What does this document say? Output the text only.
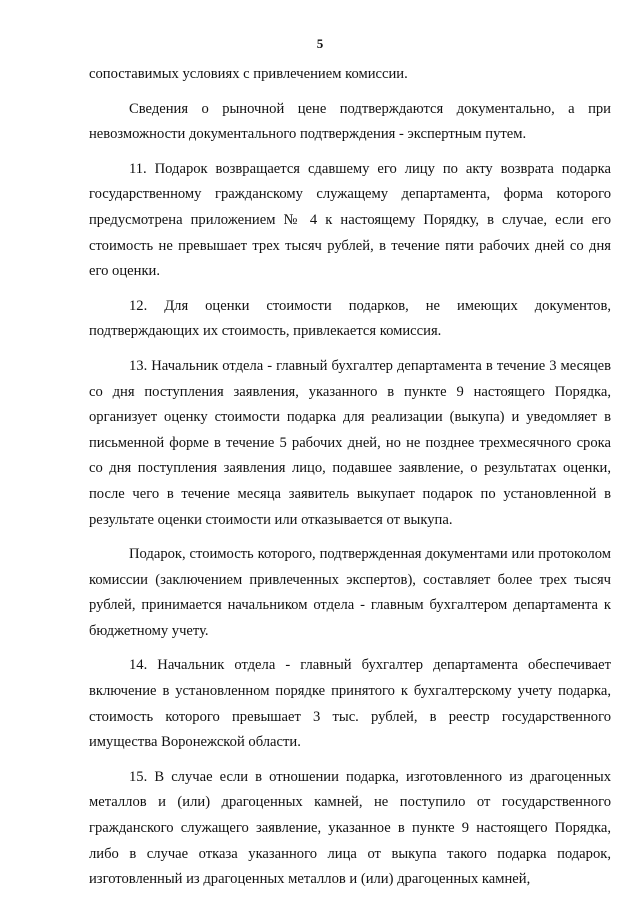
5

сопоставимых условиях с привлечением комиссии.

Сведения о рыночной цене подтверждаются документально, а при невозможности документального подтверждения - экспертным путем.

11. Подарок возвращается сдавшему его лицу по акту возврата подарка государственному гражданскому служащему департамента, форма которого предусмотрена приложением № 4 к настоящему Порядку, в случае, если его стоимость не превышает трех тысяч рублей, в течение пяти рабочих дней со дня его оценки.

12. Для оценки стоимости подарков, не имеющих документов, подтверждающих их стоимость, привлекается комиссия.

13. Начальник отдела - главный бухгалтер департамента в течение 3 месяцев со дня поступления заявления, указанного в пункте 9 настоящего Порядка, организует оценку стоимости подарка для реализации (выкупа) и уведомляет в письменной форме в течение 5 рабочих дней, но не позднее трехмесячного срока со дня поступления заявления лицо, подавшее заявление, о результатах оценки, после чего в течение месяца заявитель выкупает подарок по установленной в результате оценки стоимости или отказывается от выкупа.

Подарок, стоимость которого, подтвержденная документами или протоколом комиссии (заключением привлеченных экспертов), составляет более трех тысяч рублей, принимается начальником отдела - главным бухгалтером департамента к бюджетному учету.

14. Начальник отдела - главный бухгалтер департамента обеспечивает включение в установленном порядке принятого к бухгалтерскому учету подарка, стоимость которого превышает 3 тыс. рублей, в реестр государственного имущества Воронежской области.

15. В случае если в отношении подарка, изготовленного из драгоценных металлов и (или) драгоценных камней, не поступило от государственного гражданского служащего заявление, указанное в пункте 9 настоящего Порядка, либо в случае отказа указанного лица от выкупа такого подарка подарок, изготовленный из драгоценных металлов и (или) драгоценных камней,
